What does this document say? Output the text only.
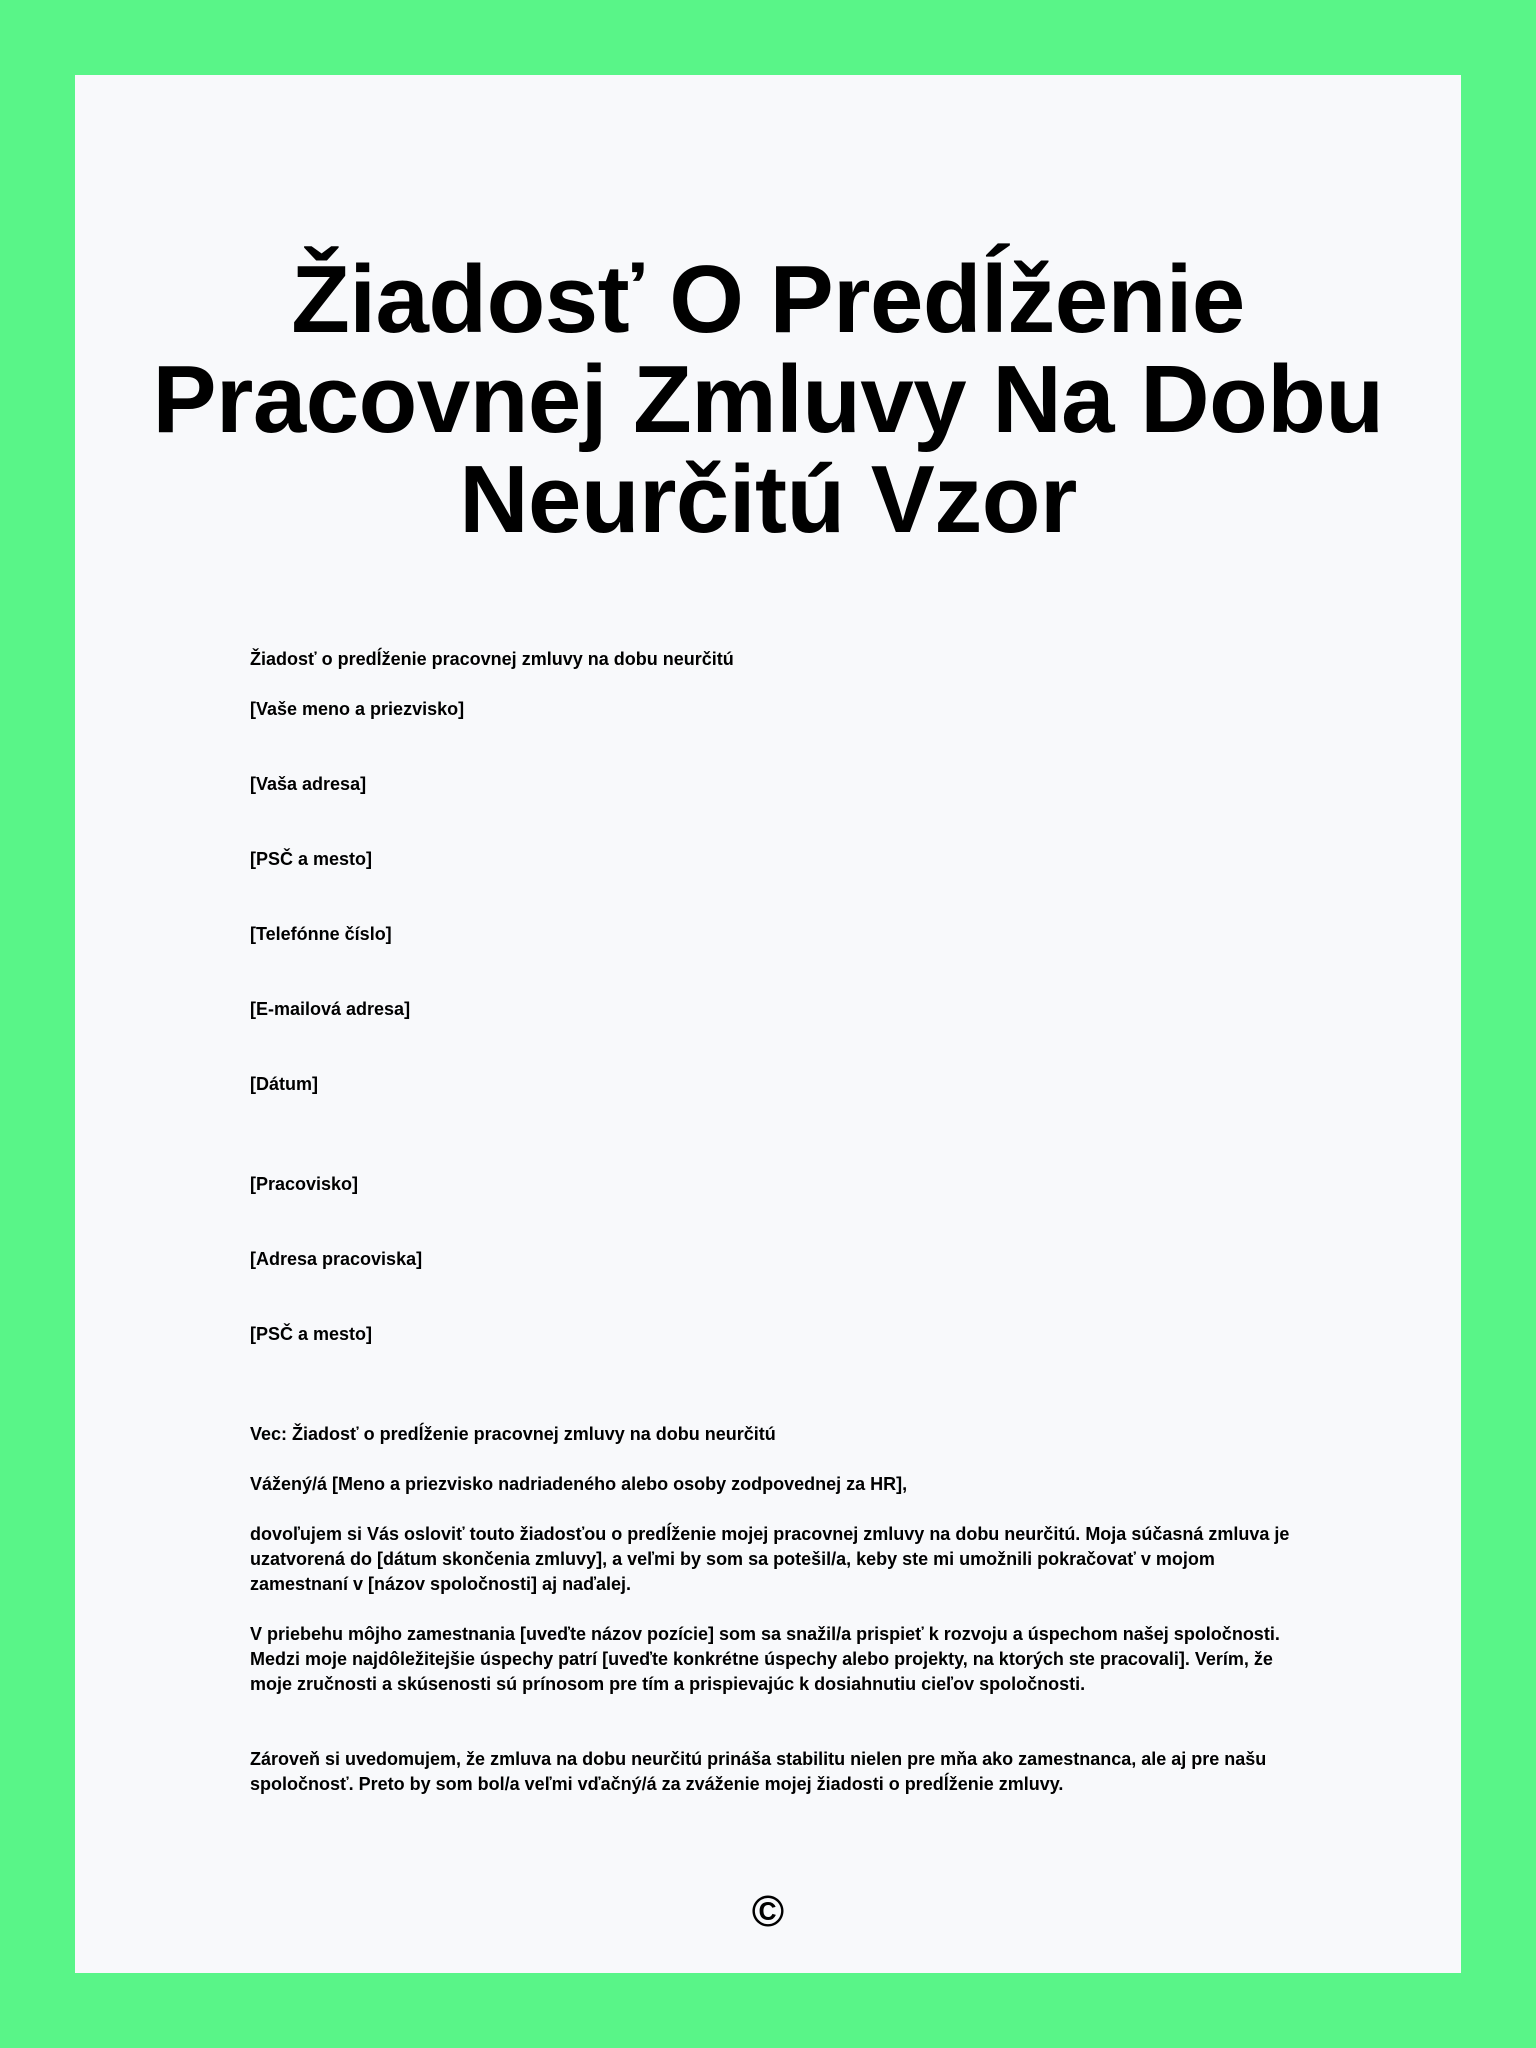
Žiadosť O Predĺženie
Pracovnej Zmluvy Na Dobu
Neurčitú Vzor

Žiadosť o predĺženie pracovnej zmluvy na dobu neurčitú

[Vaše meno a priezvisko]

[Vaša adresa]

[PSČ a mesto]

[Telefónne číslo]

[E-mailová adresa]

[Dátum]

[Pracovisko]

[Adresa pracoviska]

[PSČ a mesto]

Vec: Žiadosť o predĺženie pracovnej zmluvy na dobu neurčitú

Vážený/á [Meno a priezvisko nadriadeného alebo osoby zodpovednej za HR],

dovoľujem si Vás osloviť touto žiadosťou o predĺženie mojej pracovnej zmluvy na dobu neurčitú. Moja súčasná zmluva je uzatvorená do [dátum skončenia zmluvy], a veľmi by som sa potešil/a, keby ste mi umožnili pokračovať v mojom zamestnaní v [názov spoločnosti] aj naďalej.

V priebehu môjho zamestnania [uveďte názov pozície] som sa snažil/a prispieť k rozvoju a úspechom našej spoločnosti. Medzi moje najdôležitejšie úspechy patrí [uveďte konkrétne úspechy alebo projekty, na ktorých ste pracovali]. Verím, že moje zručnosti a skúsenosti sú prínosom pre tím a prispievajúc k dosiahnutiu cieľov spoločnosti.

Zároveň si uvedomujem, že zmluva na dobu neurčitú prináša stabilitu nielen pre mňa ako zamestnanca, ale aj pre našu spoločnosť. Preto by som bol/a veľmi vďačný/á za zváženie mojej žiadosti o predĺženie zmluvy.

©
